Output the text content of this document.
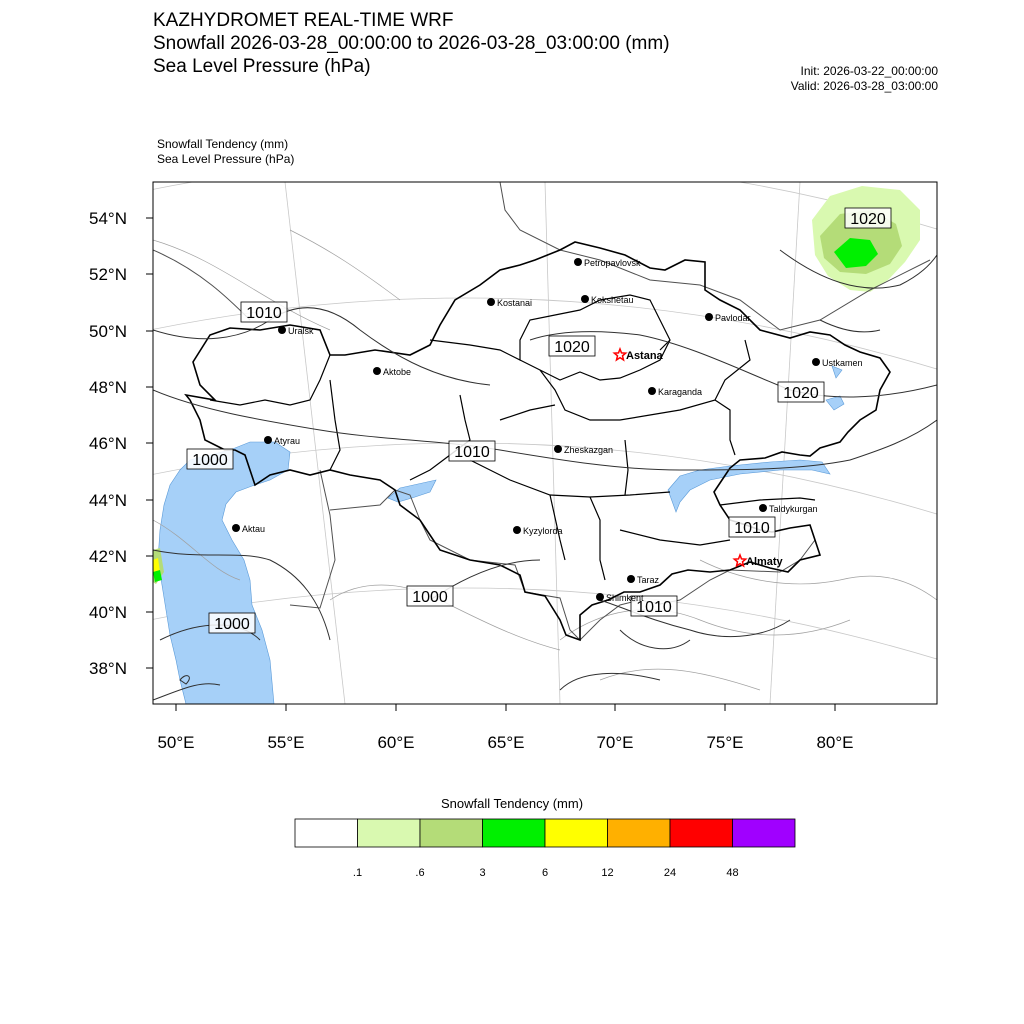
KAZHYDROMET REAL-TIME WRF
Snowfall 2026-03-28_00:00:00 to 2026-03-28_03:00:00 (mm)
Sea Level Pressure (hPa)	Init: 2026-03-22_00:00:00
Valid: 2026-03-28_03:00:00
Snowfall Tendency (mm)
Sea Level Pressure (hPa)
1020
1010
1020
1020
1000	1010
1010
1000
1000
1010
Petropavlovsk
Kostanai	Kokshetau
Pavlodar
Uralsk
Aktobe
Astana
Karaganda
Ustkamen
Atyrau
Zheskazgan
Aktau	Kyzylorda
Taldykurgan
Almaty
Taraz
Shimkent
54°N
52°N
50°N
48°N
46°N
44°N
42°N
40°N
38°N
50°E	55°E	60°E	65°E	70°E	75°E	80°E
Snowfall Tendency (mm)
.1	.6	3	6	12	24	48
